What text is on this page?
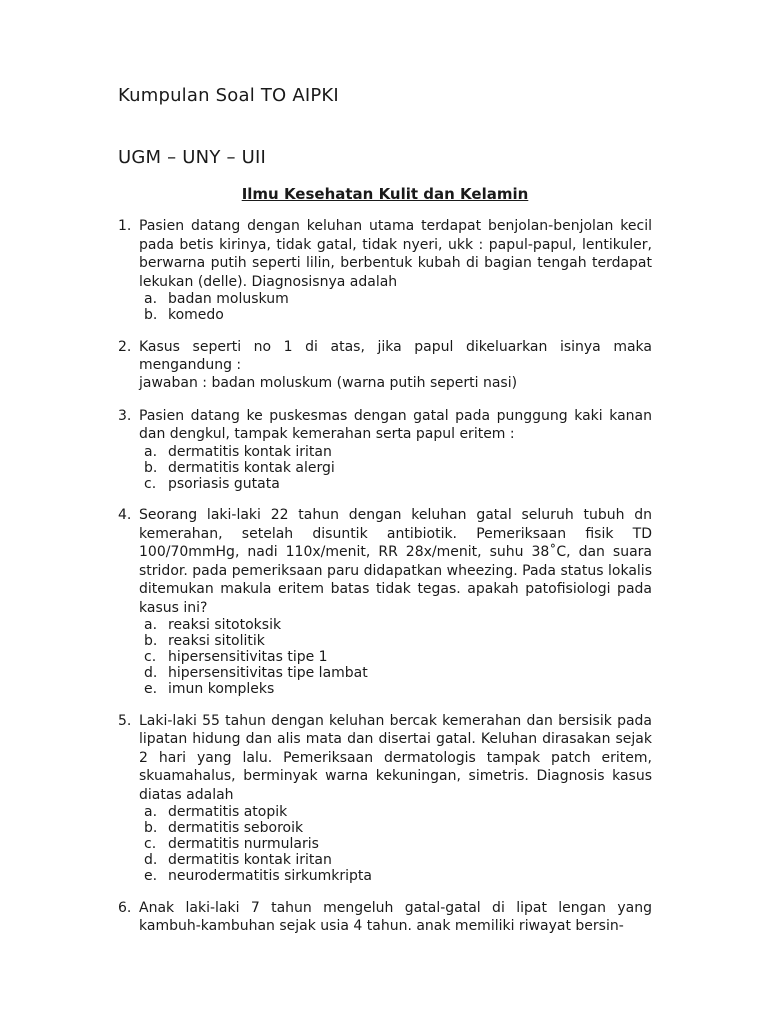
Kumpulan Soal TO AIPKI
UGM – UNY – UII
Ilmu Kesehatan Kulit dan Kelamin
1. Pasien datang dengan keluhan utama terdapat benjolan-benjolan kecil pada betis kirinya, tidak gatal, tidak nyeri, ukk : papul-papul, lentikuler, berwarna putih seperti lilin, berbentuk kubah di bagian tengah terdapat lekukan (delle). Diagnosisnya adalah
a. badan moluskum
b. komedo
2. Kasus seperti no 1 di atas, jika papul dikeluarkan isinya maka mengandung :
jawaban : badan moluskum (warna putih seperti nasi)
3. Pasien datang ke puskesmas dengan gatal pada punggung kaki kanan dan dengkul, tampak kemerahan serta papul eritem :
a. dermatitis kontak iritan
b. dermatitis kontak alergi
c. psoriasis gutata
4. Seorang laki-laki 22 tahun dengan keluhan gatal seluruh tubuh dn kemerahan, setelah disuntik antibiotik. Pemeriksaan fisik TD 100/70mmHg, nadi 110x/menit, RR 28x/menit, suhu 38˚C, dan suara stridor. pada pemeriksaan paru didapatkan wheezing. Pada status lokalis ditemukan makula eritem batas tidak tegas. apakah patofisiologi pada kasus ini?
a. reaksi sitotoksik
b. reaksi sitolitik
c. hipersensitivitas tipe 1
d. hipersensitivitas tipe lambat
e. imun kompleks
5. Laki-laki 55 tahun dengan keluhan bercak kemerahan dan bersisik pada lipatan hidung dan alis mata dan disertai gatal. Keluhan dirasakan sejak 2 hari yang lalu. Pemeriksaan dermatologis tampak patch eritem, skuamahalus, berminyak warna kekuningan, simetris. Diagnosis kasus diatas adalah
a. dermatitis atopik
b. dermatitis seboroik
c. dermatitis nurmularis
d. dermatitis kontak iritan
e. neurodermatitis sirkumkripta
6. Anak laki-laki 7 tahun mengeluh gatal-gatal di lipat lengan yang kambuh-kambuhan sejak usia 4 tahun. anak memiliki riwayat bersin-
